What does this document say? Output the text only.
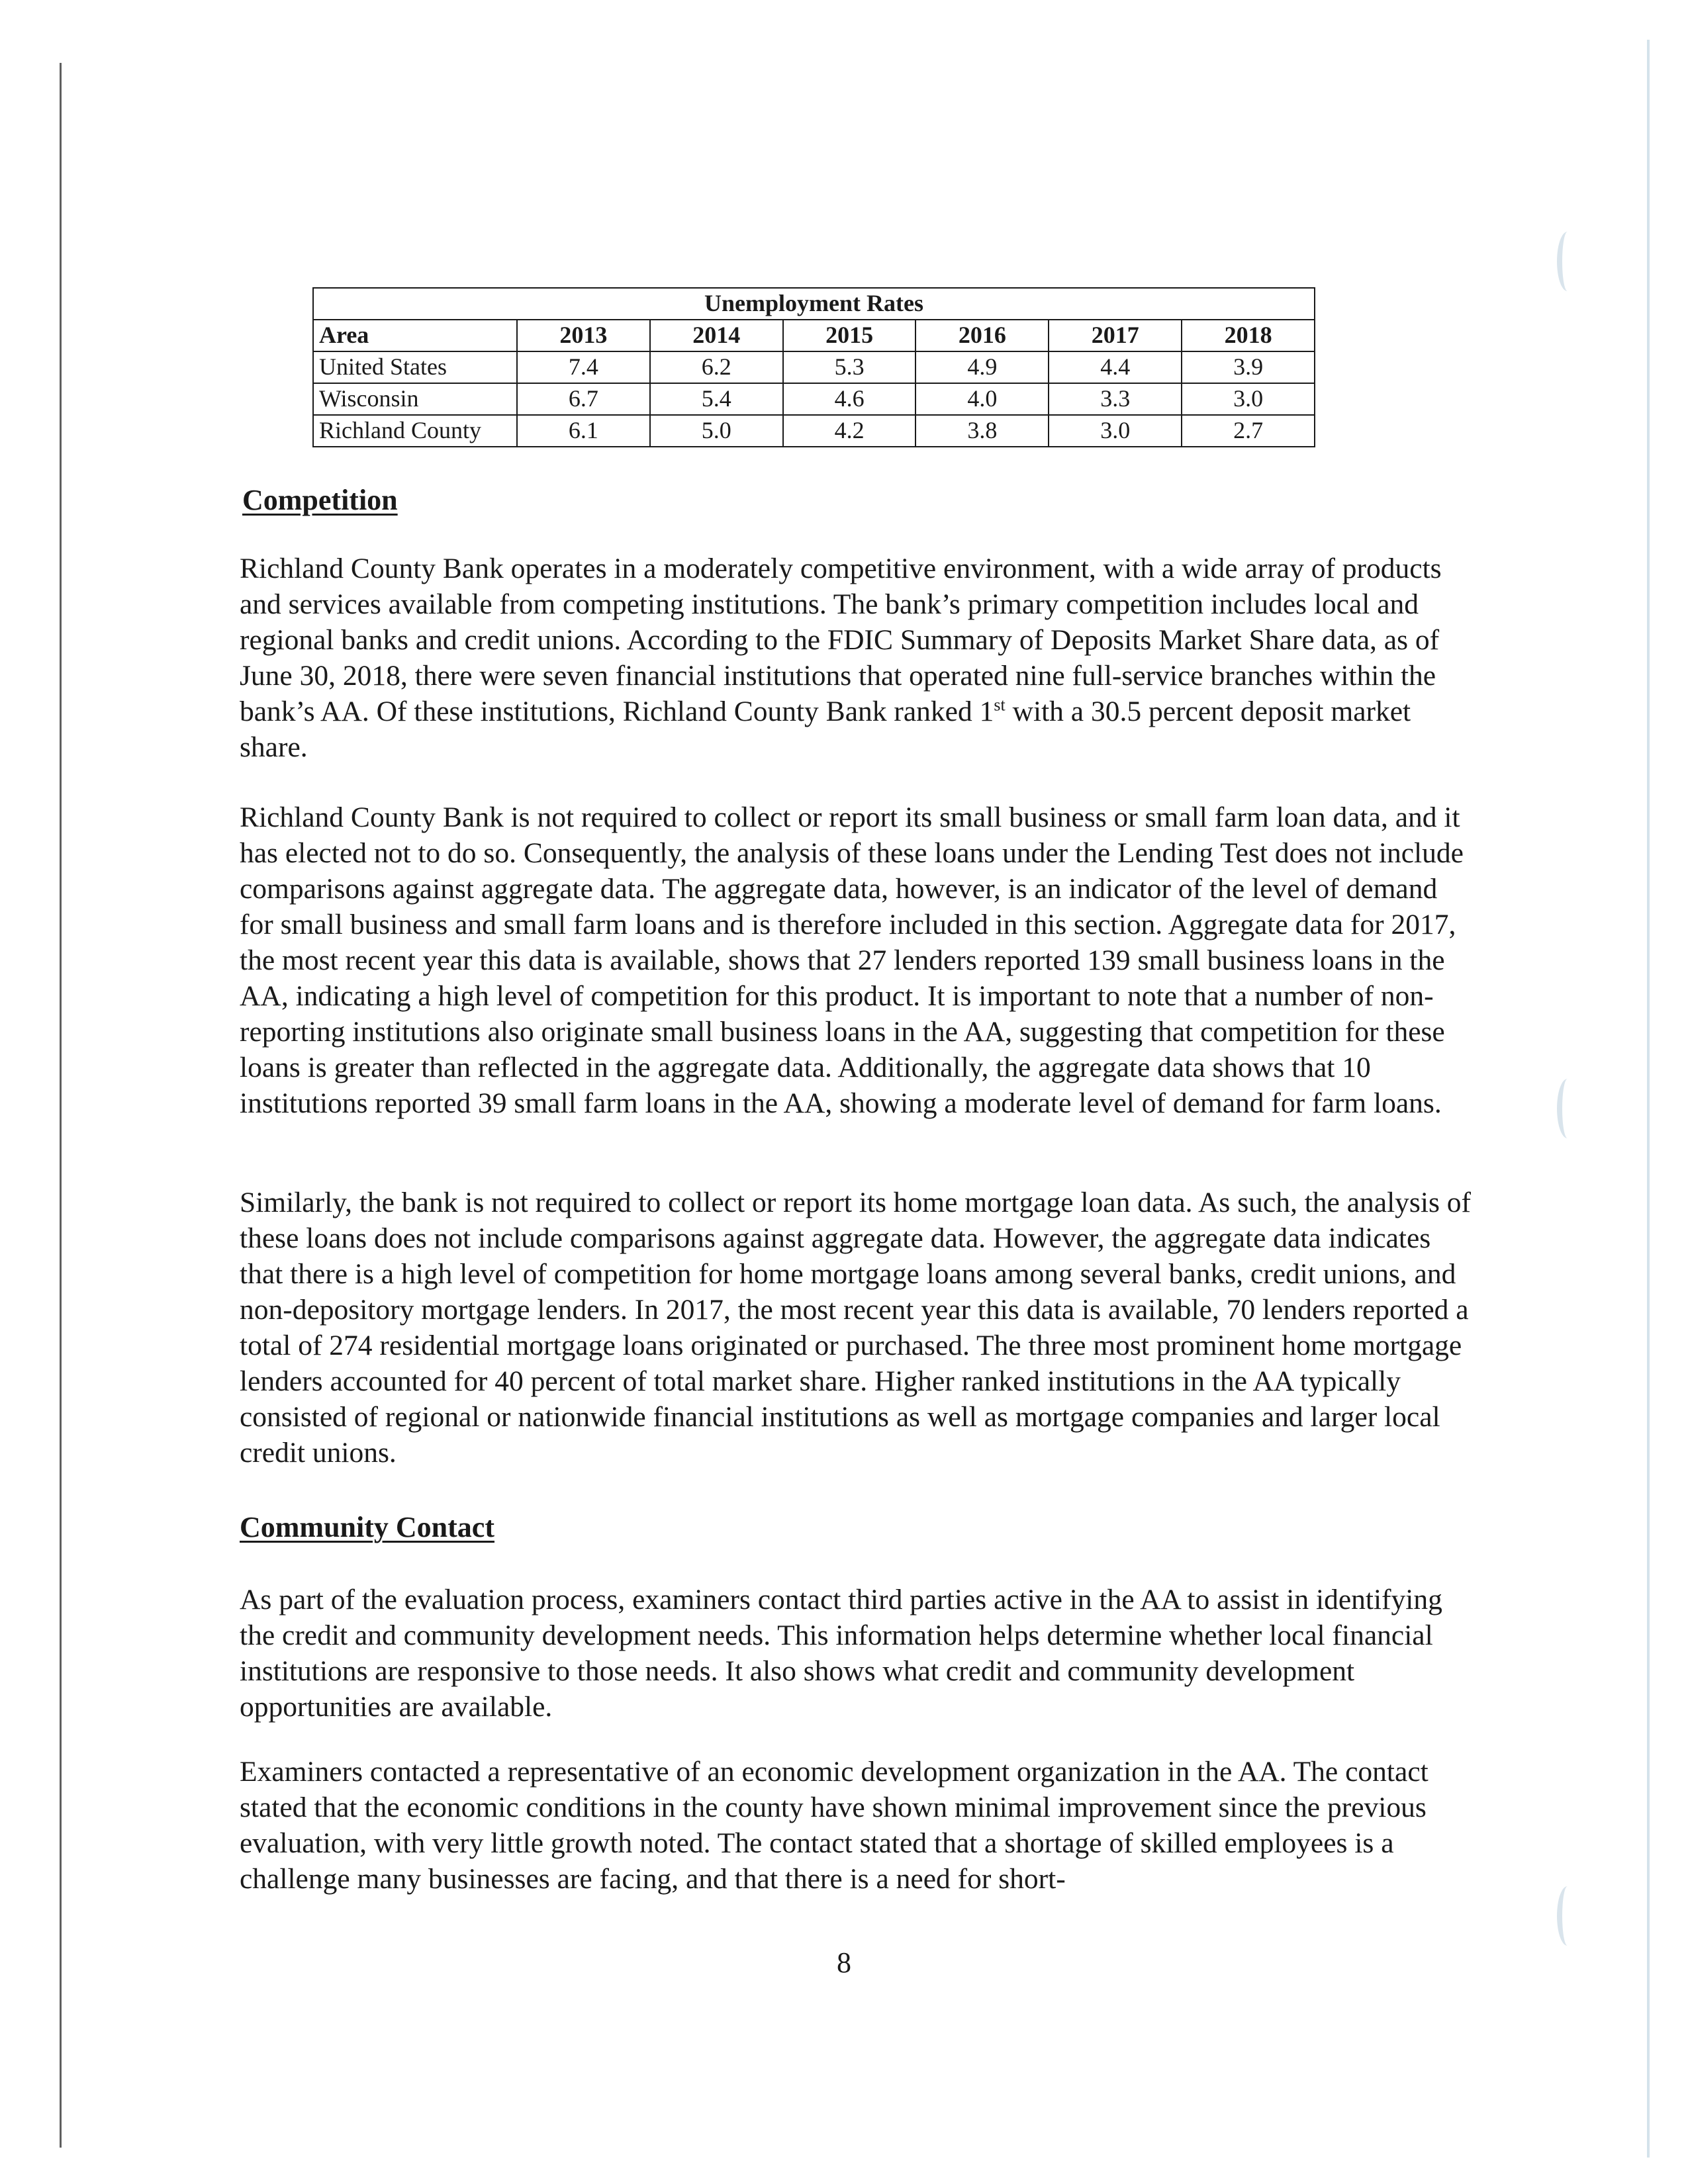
Unemployment Rates						
Area	2013	2014	2015	2016	2017	2018
United States	7.4	6.2	5.3	4.9	4.4	3.9
Wisconsin	6.7	5.4	4.6	4.0	3.3	3.0
Richland County	6.1	5.0	4.2	3.8	3.0	2.7
Competition
Richland County Bank operates in a moderately competitive environment, with a wide array of products and services available from competing institutions. The bank’s primary competition includes local and regional banks and credit unions. According to the FDIC Summary of Deposits Market Share data, as of June 30, 2018, there were seven financial institutions that operated nine full-service branches within the bank’s AA. Of these institutions, Richland County Bank ranked 1st with a 30.5 percent deposit market share.
Richland County Bank is not required to collect or report its small business or small farm loan data, and it has elected not to do so. Consequently, the analysis of these loans under the Lending Test does not include comparisons against aggregate data. The aggregate data, however, is an indicator of the level of demand for small business and small farm loans and is therefore included in this section. Aggregate data for 2017, the most recent year this data is available, shows that 27 lenders reported 139 small business loans in the AA, indicating a high level of competition for this product. It is important to note that a number of non-reporting institutions also originate small business loans in the AA, suggesting that competition for these loans is greater than reflected in the aggregate data. Additionally, the aggregate data shows that 10 institutions reported 39 small farm loans in the AA, showing a moderate level of demand for farm loans.
Similarly, the bank is not required to collect or report its home mortgage loan data. As such, the analysis of these loans does not include comparisons against aggregate data. However, the aggregate data indicates that there is a high level of competition for home mortgage loans among several banks, credit unions, and non-depository mortgage lenders. In 2017, the most recent year this data is available, 70 lenders reported a total of 274 residential mortgage loans originated or purchased. The three most prominent home mortgage lenders accounted for 40 percent of total market share. Higher ranked institutions in the AA typically consisted of regional or nationwide financial institutions as well as mortgage companies and larger local credit unions.
Community Contact
As part of the evaluation process, examiners contact third parties active in the AA to assist in identifying the credit and community development needs. This information helps determine whether local financial institutions are responsive to those needs. It also shows what credit and community development opportunities are available.
Examiners contacted a representative of an economic development organization in the AA. The contact stated that the economic conditions in the county have shown minimal improvement since the previous evaluation, with very little growth noted. The contact stated that a shortage of skilled employees is a challenge many businesses are facing, and that there is a need for short-
8
